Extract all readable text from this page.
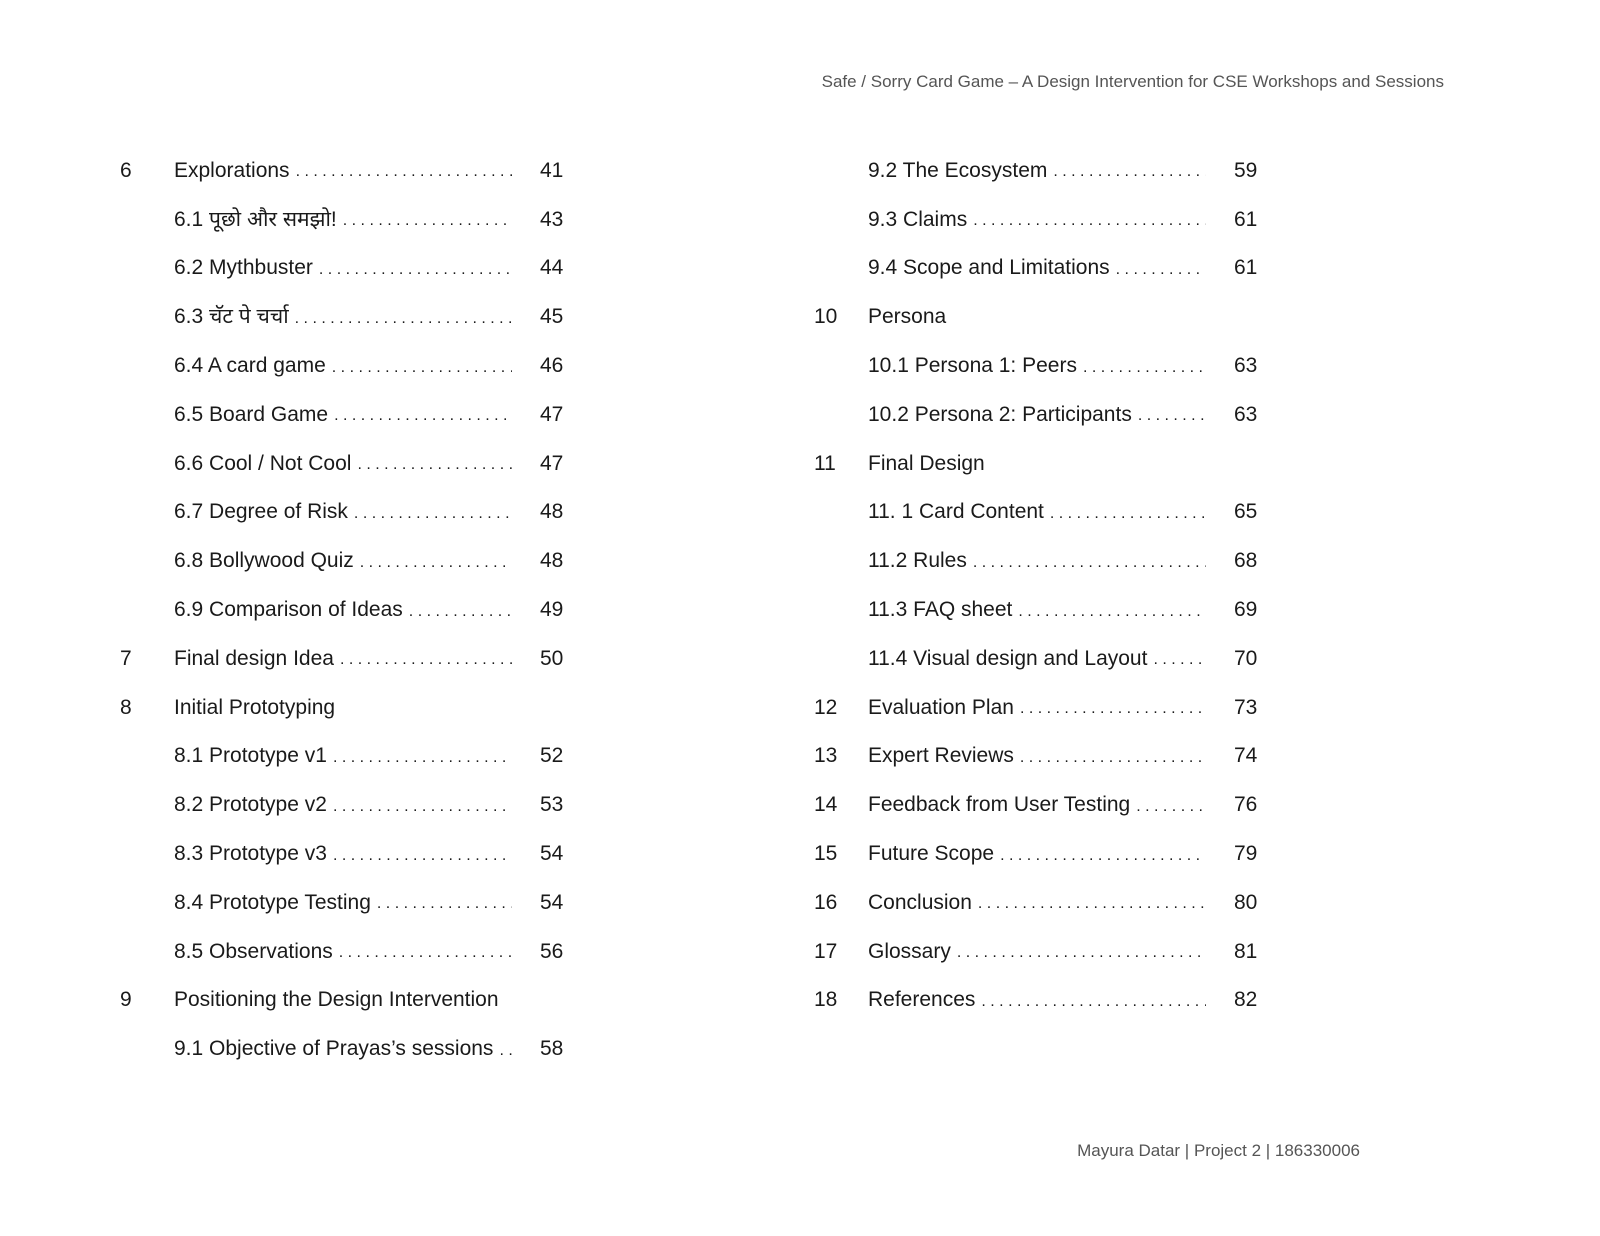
Safe / Sorry Card Game – A Design Intervention for CSE Workshops and Sessions
6	Explorations . . .	41
6.1 पूछो और समझो! . . .	43
6.2 Mythbuster . . .	44
6.3 चॅट पे चर्चा . . .	45
6.4 A card game . . .	46
6.5 Board Game . . .	47
6.6 Cool / Not Cool . . .	47
6.7 Degree of Risk . . .	48
6.8 Bollywood Quiz . . .	48
6.9 Comparison of Ideas . . .	49
7	Final design Idea . . .	50
8	Initial Prototyping
8.1 Prototype v1 . . .	52
8.2 Prototype v2 . . .	53
8.3 Prototype v3 . . .	54
8.4 Prototype Testing . . .	54
8.5 Observations . . .	56
9	Positioning the Design Intervention
9.1 Objective of Prayas’s sessions . . .	58
9.2 The Ecosystem . . .	59
9.3 Claims . . .	61
9.4 Scope and Limitations . . .	61
10	Persona
10.1 Persona 1: Peers . . .	63
10.2 Persona 2: Participants . . .	63
11	Final Design
11. 1 Card Content . . .	65
11.2 Rules . . .	68
11.3 FAQ sheet . . .	69
11.4 Visual design and Layout . . .	70
12	Evaluation Plan . . .	73
13	Expert Reviews . . .	74
14	Feedback from User Testing . . .	76
15	Future Scope . . .	79
16	Conclusion . . .	80
17	Glossary . . .	81
18	References . . .	82
Mayura Datar | Project 2 | 186330006
